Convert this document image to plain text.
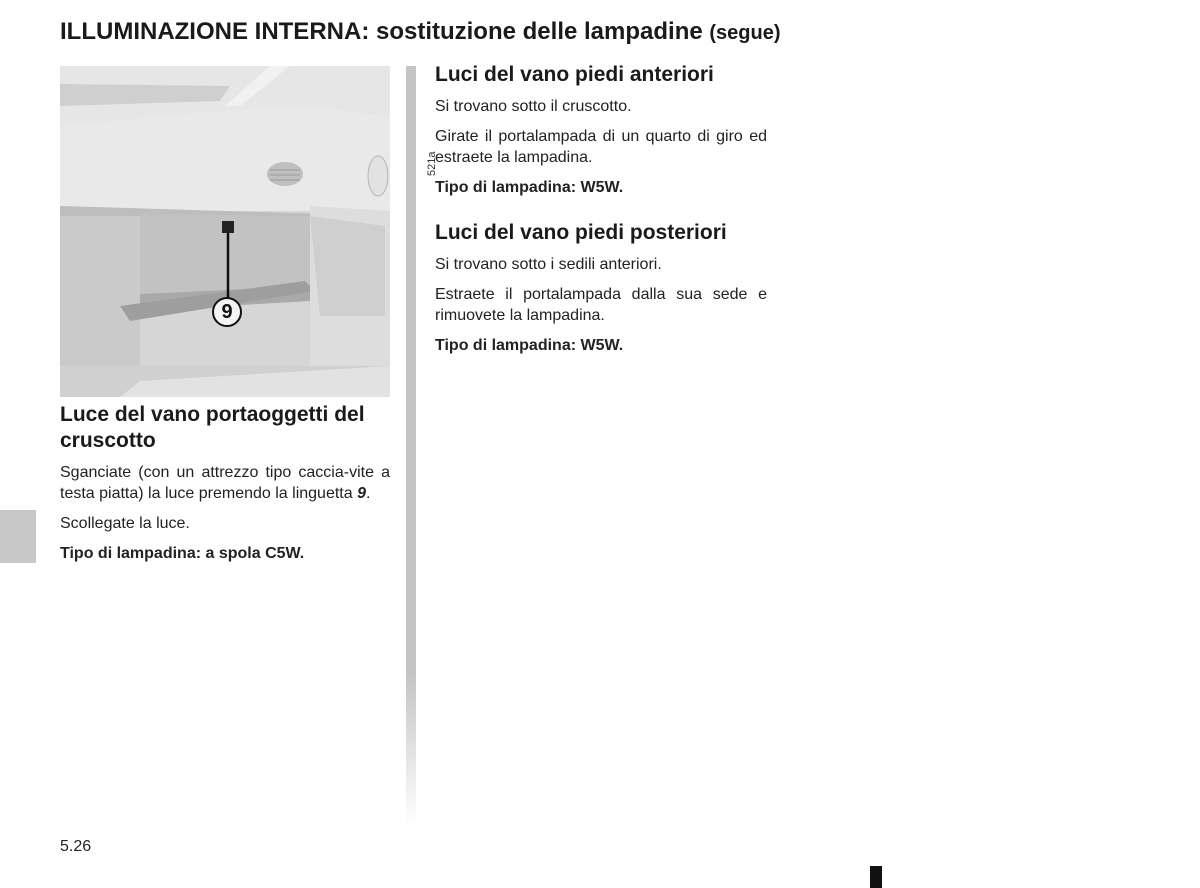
ILLUMINAZIONE INTERNA: sostituzione delle lampadine (segue)
521a
9
Luce del vano portaoggetti del cruscotto

Sganciate (con un attrezzo tipo caccia-vite a testa piatta) la luce premendo la linguetta 9.

Scollegate la luce.

Tipo di lampadina: a spola C5W.

Luci del vano piedi anteriori

Si trovano sotto il cruscotto.

Girate il portalampada di un quarto di giro ed estraete la lampadina.

Tipo di lampadina: W5W.

Luci del vano piedi posteriori

Si trovano sotto i sedili anteriori.

Estraete il portalampada dalla sua sede e rimuovete la lampadina.

Tipo di lampadina: W5W.

5.26
